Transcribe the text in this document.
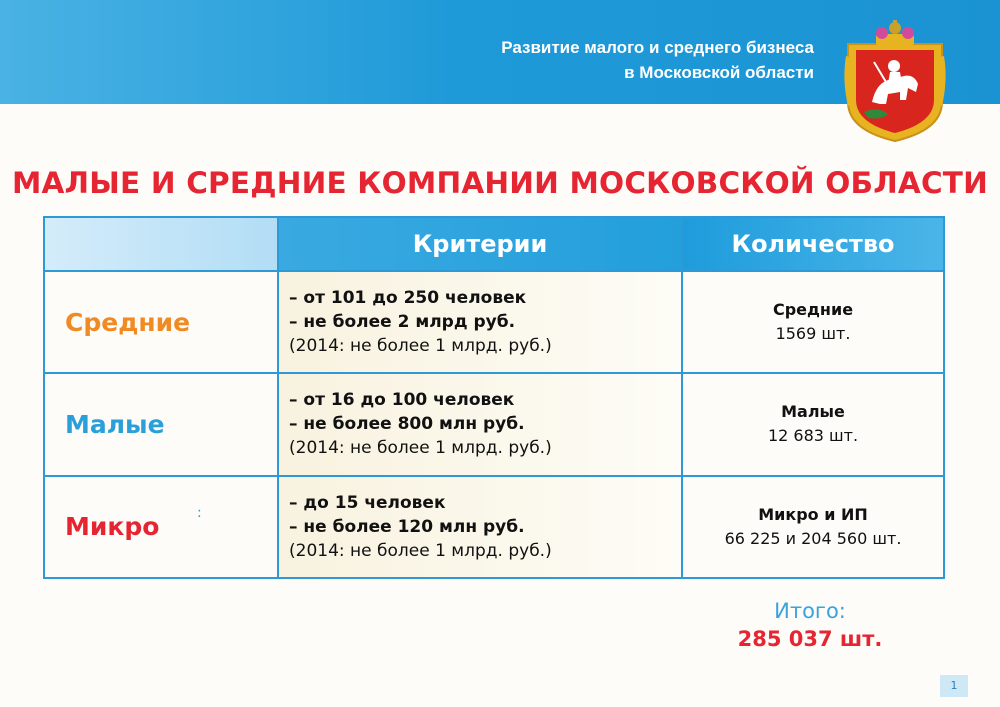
Развитие малого и среднего бизнеса
в Московской области
МАЛЫЕ И СРЕДНИЕ КОМПАНИИ МОСКОВСКОЙ ОБЛАСТИ
	Критерии	Количество
Средние	– от 101 до 250 человек
– не более 2 млрд руб.
(2014: не более 1 млрд. руб.)	Средние
1569 шт.

Малые	– от 16 до 100 человек
– не более 800 млн руб.
(2014: не более 1 млрд. руб.)	Малые
12 683 шт.

Микро	– до 15 человек
– не более 120 млн руб.
(2014: не более 1 млрд. руб.)	Микро и ИП
66 225 и 204 560 шт.
:
Итого:
285 037 шт.
1
